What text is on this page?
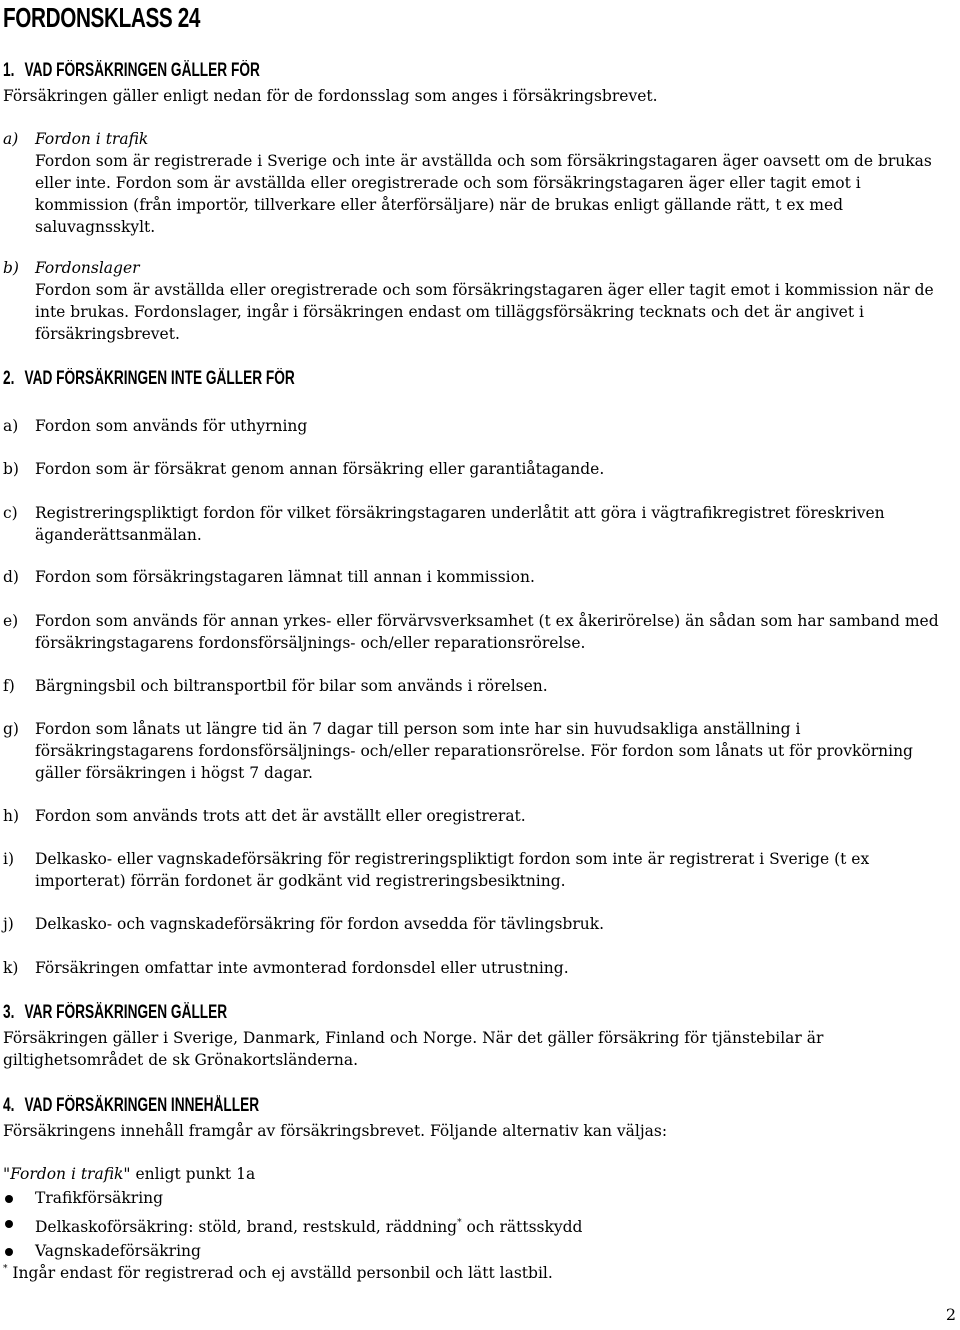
FORDONSKLASS 24
1. VAD FÖRSÄKRINGEN GÄLLER FÖR

Försäkringen gäller enligt nedan för de fordonsslag som anges i försäkringsbrevet.

a) Fordon i trafik
Fordon som är registrerade i Sverige och inte är avställda och som försäkringstagaren äger oavsett om de brukas eller inte. Fordon som är avställda eller oregistrerade och som försäkringstagaren äger eller tagit emot i kommission (från importör, tillverkare eller återförsäljare) när de brukas enligt gällande rätt, t ex med saluvagnsskylt.
b) Fordonslager
Fordon som är avställda eller oregistrerade och som försäkringstagaren äger eller tagit emot i kommission när de inte brukas. Fordonslager, ingår i försäkringen endast om tilläggsförsäkring tecknats och det är angivet i försäkringsbrevet.
2. VAD FÖRSÄKRINGEN INTE GÄLLER FÖR
a) Fordon som används för uthyrning
b) Fordon som är försäkrat genom annan försäkring eller garantiåtagande.
c) Registreringspliktigt fordon för vilket försäkringstagaren underlåtit att göra i vägtrafikregistret föreskriven äganderättsanmälan.
d) Fordon som försäkringstagaren lämnat till annan i kommission.
e) Fordon som används för annan yrkes- eller förvärvsverksamhet (t ex åkerirörelse) än sådan som har samband med försäkringstagarens fordonsförsäljnings- och/eller reparationsrörelse.
f) Bärgningsbil och biltransportbil för bilar som används i rörelsen.
g) Fordon som lånats ut längre tid än 7 dagar till person som inte har sin huvudsakliga anställning i försäkringstagarens fordonsförsäljnings- och/eller reparationsrörelse. För fordon som lånats ut för provkörning gäller försäkringen i högst 7 dagar.
h) Fordon som används trots att det är avställt eller oregistrerat.
i) Delkasko- eller vagnskadeförsäkring för registreringspliktigt fordon som inte är registrerat i Sverige (t ex importerat) förrän fordonet är godkänt vid registreringsbesiktning.
j) Delkasko- och vagnskadeförsäkring för fordon avsedda för tävlingsbruk.
k) Försäkringen omfattar inte avmonterad fordonsdel eller utrustning.
3. VAR FÖRSÄKRINGEN GÄLLER

Försäkringen gäller i Sverige, Danmark, Finland och Norge. När det gäller försäkring för tjänstebilar är giltighetsområdet de sk Grönakortsländerna.

4. VAD FÖRSÄKRINGEN INNEHÅLLER

Försäkringens innehåll framgår av försäkringsbrevet. Följande alternativ kan väljas:

"Fordon i trafik" enligt punkt 1a

Trafikförsäkring
Delkaskoförsäkring: stöld, brand, restskuld, räddning* och rättsskydd
Vagnskadeförsäkring
* Ingår endast för registrerad och ej avställd personbil och lätt lastbil.
2
